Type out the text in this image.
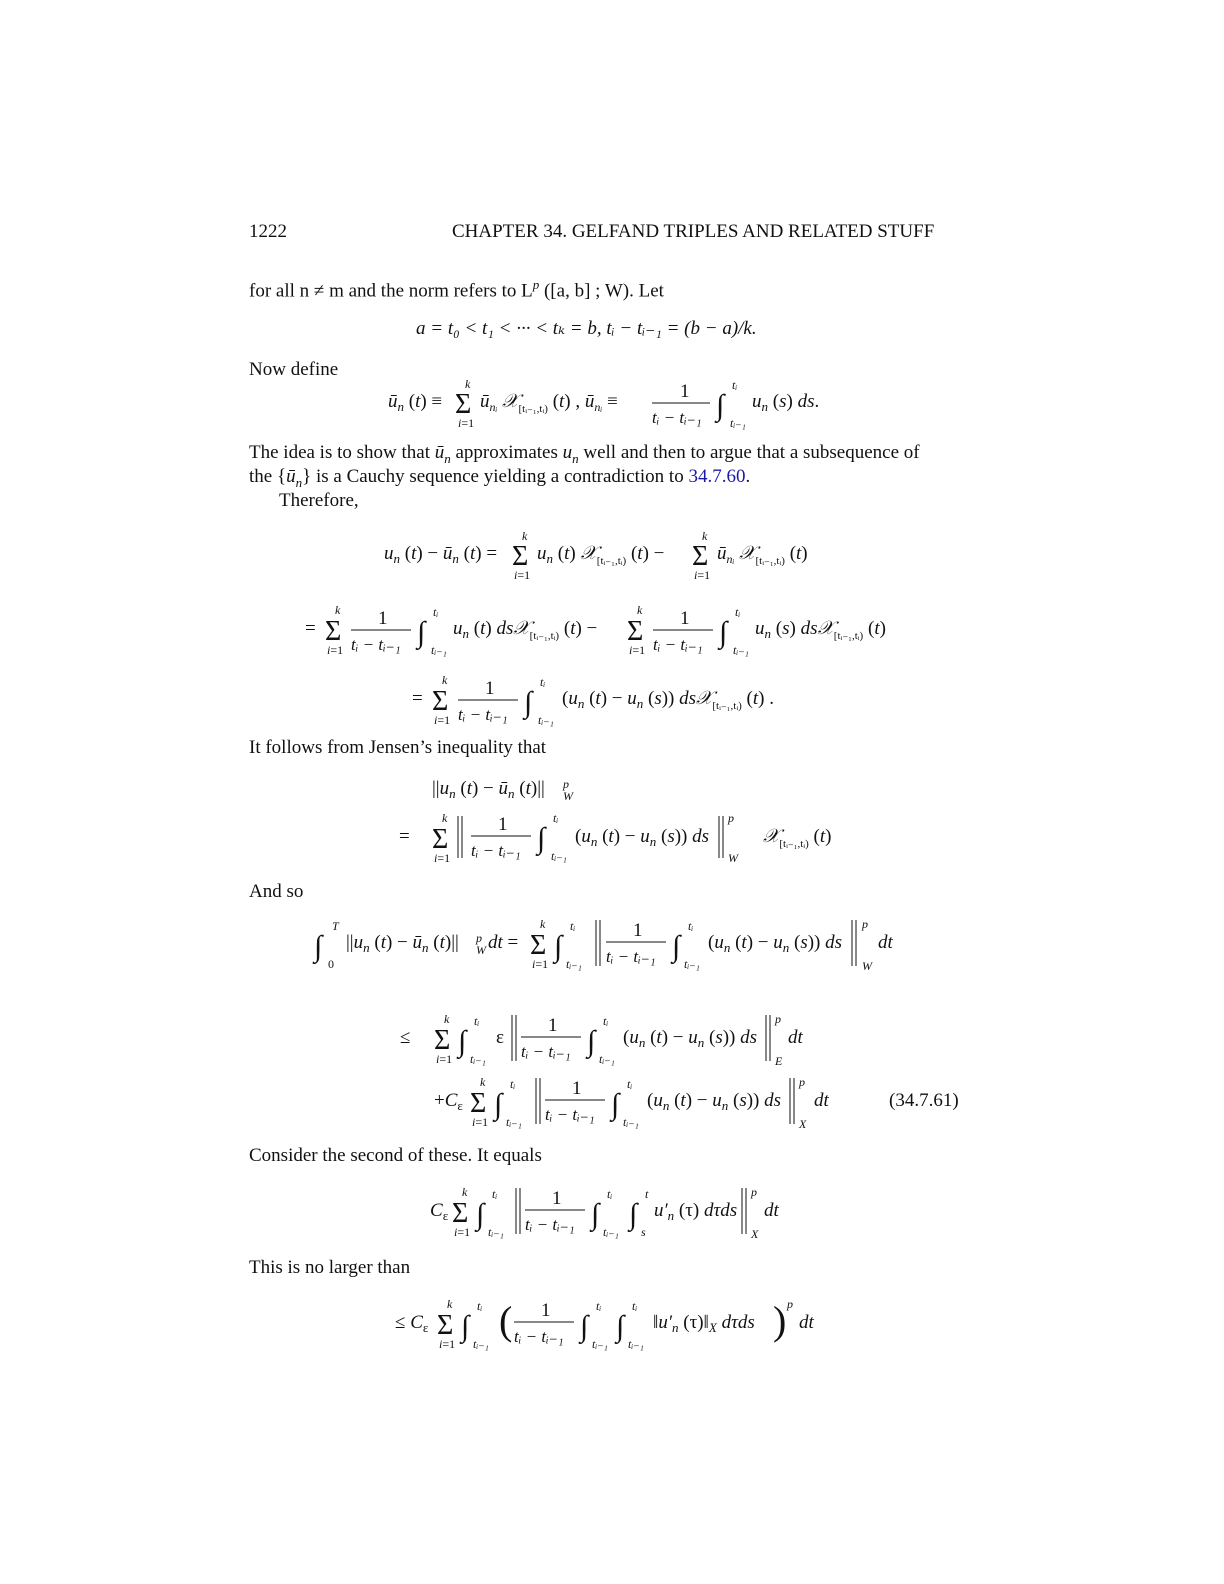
1222	CHAPTER 34. GELFAND TRIPLES AND RELATED STUFF
for all n ≠ m and the norm refers to $L^p$ ([a, b] ; W). Let
a = t₀ < t₁ < ··· < tₖ = b, tᵢ − tᵢ₋₁ = (b − a)/k.
Now define
$ū_n$ (t) ≡
k
Σ
i=1
$ū_{nᵢ}$ 𝒳$_{[tᵢ_{-1},tᵢ)}$ (t) , $ū_{nᵢ}$ ≡	1
tᵢ − tᵢ₋₁ ∫
tᵢ
tᵢ₋₁
$u_n$ (s) ds.
The idea is to show that $ū_n$ approximates $u_n$ well and then to argue that a subsequence of
the $\{ū_n\}$ is a Cauchy sequence yielding a contradiction to 34.7.60.
Therefore,
$u_n$ $(t) - ū_n$ (t) =
k
Σ
i=1
$u_n$ (t) 𝒳$_{[tᵢ_{-1},tᵢ)}$ (t) −
k
Σ
i=1
$ū_{nᵢ}$ 𝒳$_{[tᵢ_{-1},tᵢ)}$ (t)
=
k
Σ
i=1
1
tᵢ − tᵢ₋₁ ∫
tᵢ
tᵢ₋₁
$u_n$ (t) ds𝒳$_{[tᵢ_{-1},tᵢ)}$ (t) −
k
Σ
i=1
1
tᵢ − tᵢ₋₁ ∫
tᵢ
tᵢ₋₁
$u_n$ (s) ds𝒳$_{[tᵢ_{-1},tᵢ)}$ (t)
=
k
Σ
i=1
1
tᵢ − tᵢ₋₁ ∫
tᵢ
tᵢ₋₁
($u_n$ $(t) - u_n$ (s)) ds𝒳$_{[tᵢ_{-1},tᵢ)}$ (t) .
It follows from Jensen’s inequality that
$||u_n$ $(t) - ū_n$ (t)|| p
W
=
k
Σ
i=1
1
tᵢ − tᵢ₋₁ ∫
tᵢ
tᵢ₋₁
($u_n$ $(t) - u_n$ (s)) ds
p
W
𝒳$_{[tᵢ_{-1},tᵢ)}$ (t)
And so
∫
T
0
$||u_n$ $(t) - ū_n$ (t)|| p
W dt =
k
Σ
i=1
∫
tᵢ
tᵢ₋₁
1
tᵢ − tᵢ₋₁ ∫
tᵢ
tᵢ₋₁
($u_n$ $(t) - u_n$ (s)) ds
p
W
dt
≤
k
Σ
i=1
∫
tᵢ
tᵢ₋₁
ε
1
tᵢ − tᵢ₋₁ ∫
tᵢ
tᵢ₋₁
($u_n$ $(t) - u_n$ (s)) ds
p
E
dt
$+C_\varepsilon$
k
Σ
i=1
∫
tᵢ
tᵢ₋₁
1
tᵢ − tᵢ₋₁ ∫
tᵢ
tᵢ₋₁
($u_n$ $(t) - u_n$ (s)) ds
p
X
dt	(34.7.61)
Consider the second of these. It equals
$C_\varepsilon$
k
Σ
i=1
∫
tᵢ
tᵢ₋₁
1
tᵢ − tᵢ₋₁ ∫
tᵢ
tᵢ₋₁
∫
t
s
$u'_n$ (τ) dτds
p
X
dt
This is no larger than
≤ $C_\varepsilon$
k
Σ
i=1
∫
tᵢ
tᵢ₋₁
( 1
tᵢ − tᵢ₋₁ ∫
tᵢ
tᵢ₋₁
∫
tᵢ
tᵢ₋₁
$‖u'_n$ $(\tau)‖_X$ dτds ) p
dt
